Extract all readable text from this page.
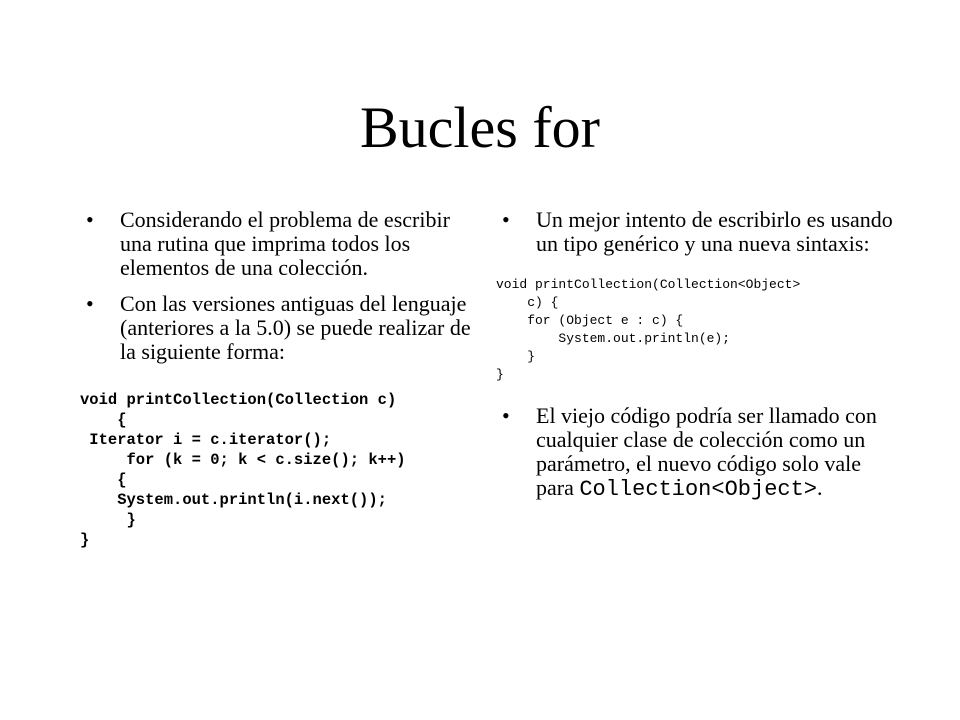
Bucles for
• Considerando el problema de escribir una rutina que imprima todos los elementos de una colección.
• Con las versiones antiguas del lenguaje (anteriores a la 5.0) se puede realizar de la siguiente forma:
void printCollection(Collection c)
{
Iterator i = c.iterator();
for (k = 0; k < c.size(); k++)
{
System.out.println(i.next());
}
}
• Un mejor intento de escribirlo es usando un tipo genérico y una nueva sintaxis:
void printCollection(Collection<Object>
c) {
for (Object e : c) {
System.out.println(e);
}
}
• El viejo código podría ser llamado con cualquier clase de colección como un parámetro, el nuevo código solo vale para Collection<Object>.
